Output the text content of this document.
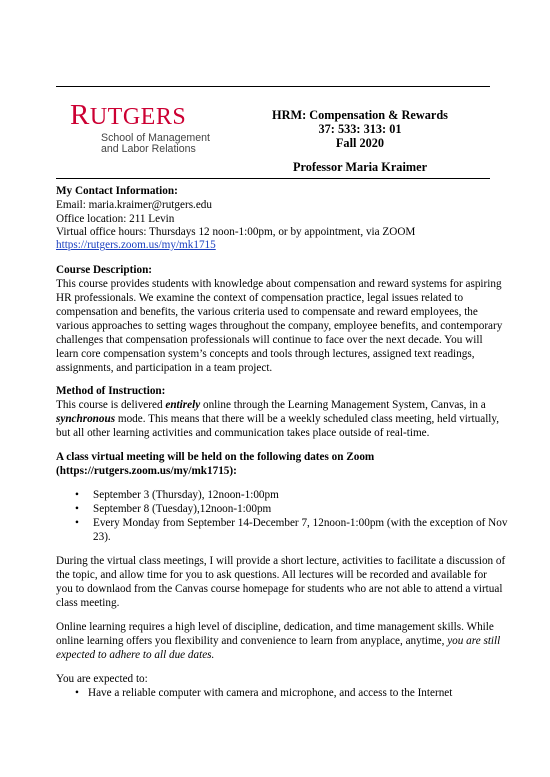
RUTGERS
School of Management
and Labor Relations
HRM: Compensation & Rewards
37: 533: 313: 01
Fall 2020
Professor Maria Kraimer
My Contact Information:
Email: maria.kraimer@rutgers.edu
Office location: 211 Levin
Virtual office hours: Thursdays 12 noon-1:00pm, or by appointment, via ZOOM
https://rutgers.zoom.us/my/mk1715
Course Description:
This course provides students with knowledge about compensation and reward systems for aspiring
HR professionals. We examine the context of compensation practice, legal issues related to
compensation and benefits, the various criteria used to compensate and reward employees, the
various approaches to setting wages throughout the company, employee benefits, and contemporary
challenges that compensation professionals will continue to face over the next decade. You will
learn core compensation system’s concepts and tools through lectures, assigned text readings,
assignments, and participation in a team project.
Method of Instruction:
This course is delivered entirely online through the Learning Management System, Canvas, in a
synchronous mode. This means that there will be a weekly scheduled class meeting, held virtually,
but all other learning activities and communication takes place outside of real-time.
A class virtual meeting will be held on the following dates on Zoom
(https://rutgers.zoom.us/my/mk1715):
• September 3 (Thursday), 12noon-1:00pm
• September 8 (Tuesday),12noon-1:00pm
• Every Monday from September 14-December 7, 12noon-1:00pm (with the exception of Nov
23).
During the virtual class meetings, I will provide a short lecture, activities to facilitate a discussion of
the topic, and allow time for you to ask questions. All lectures will be recorded and available for
you to downlaod from the Canvas course homepage for students who are not able to attend a virtual
class meeting.
Online learning requires a high level of discipline, dedication, and time management skills. While
online learning offers you flexibility and convenience to learn from anyplace, anytime, you are still
expected to adhere to all due dates.
You are expected to:
• Have a reliable computer with camera and microphone, and access to the Internet
